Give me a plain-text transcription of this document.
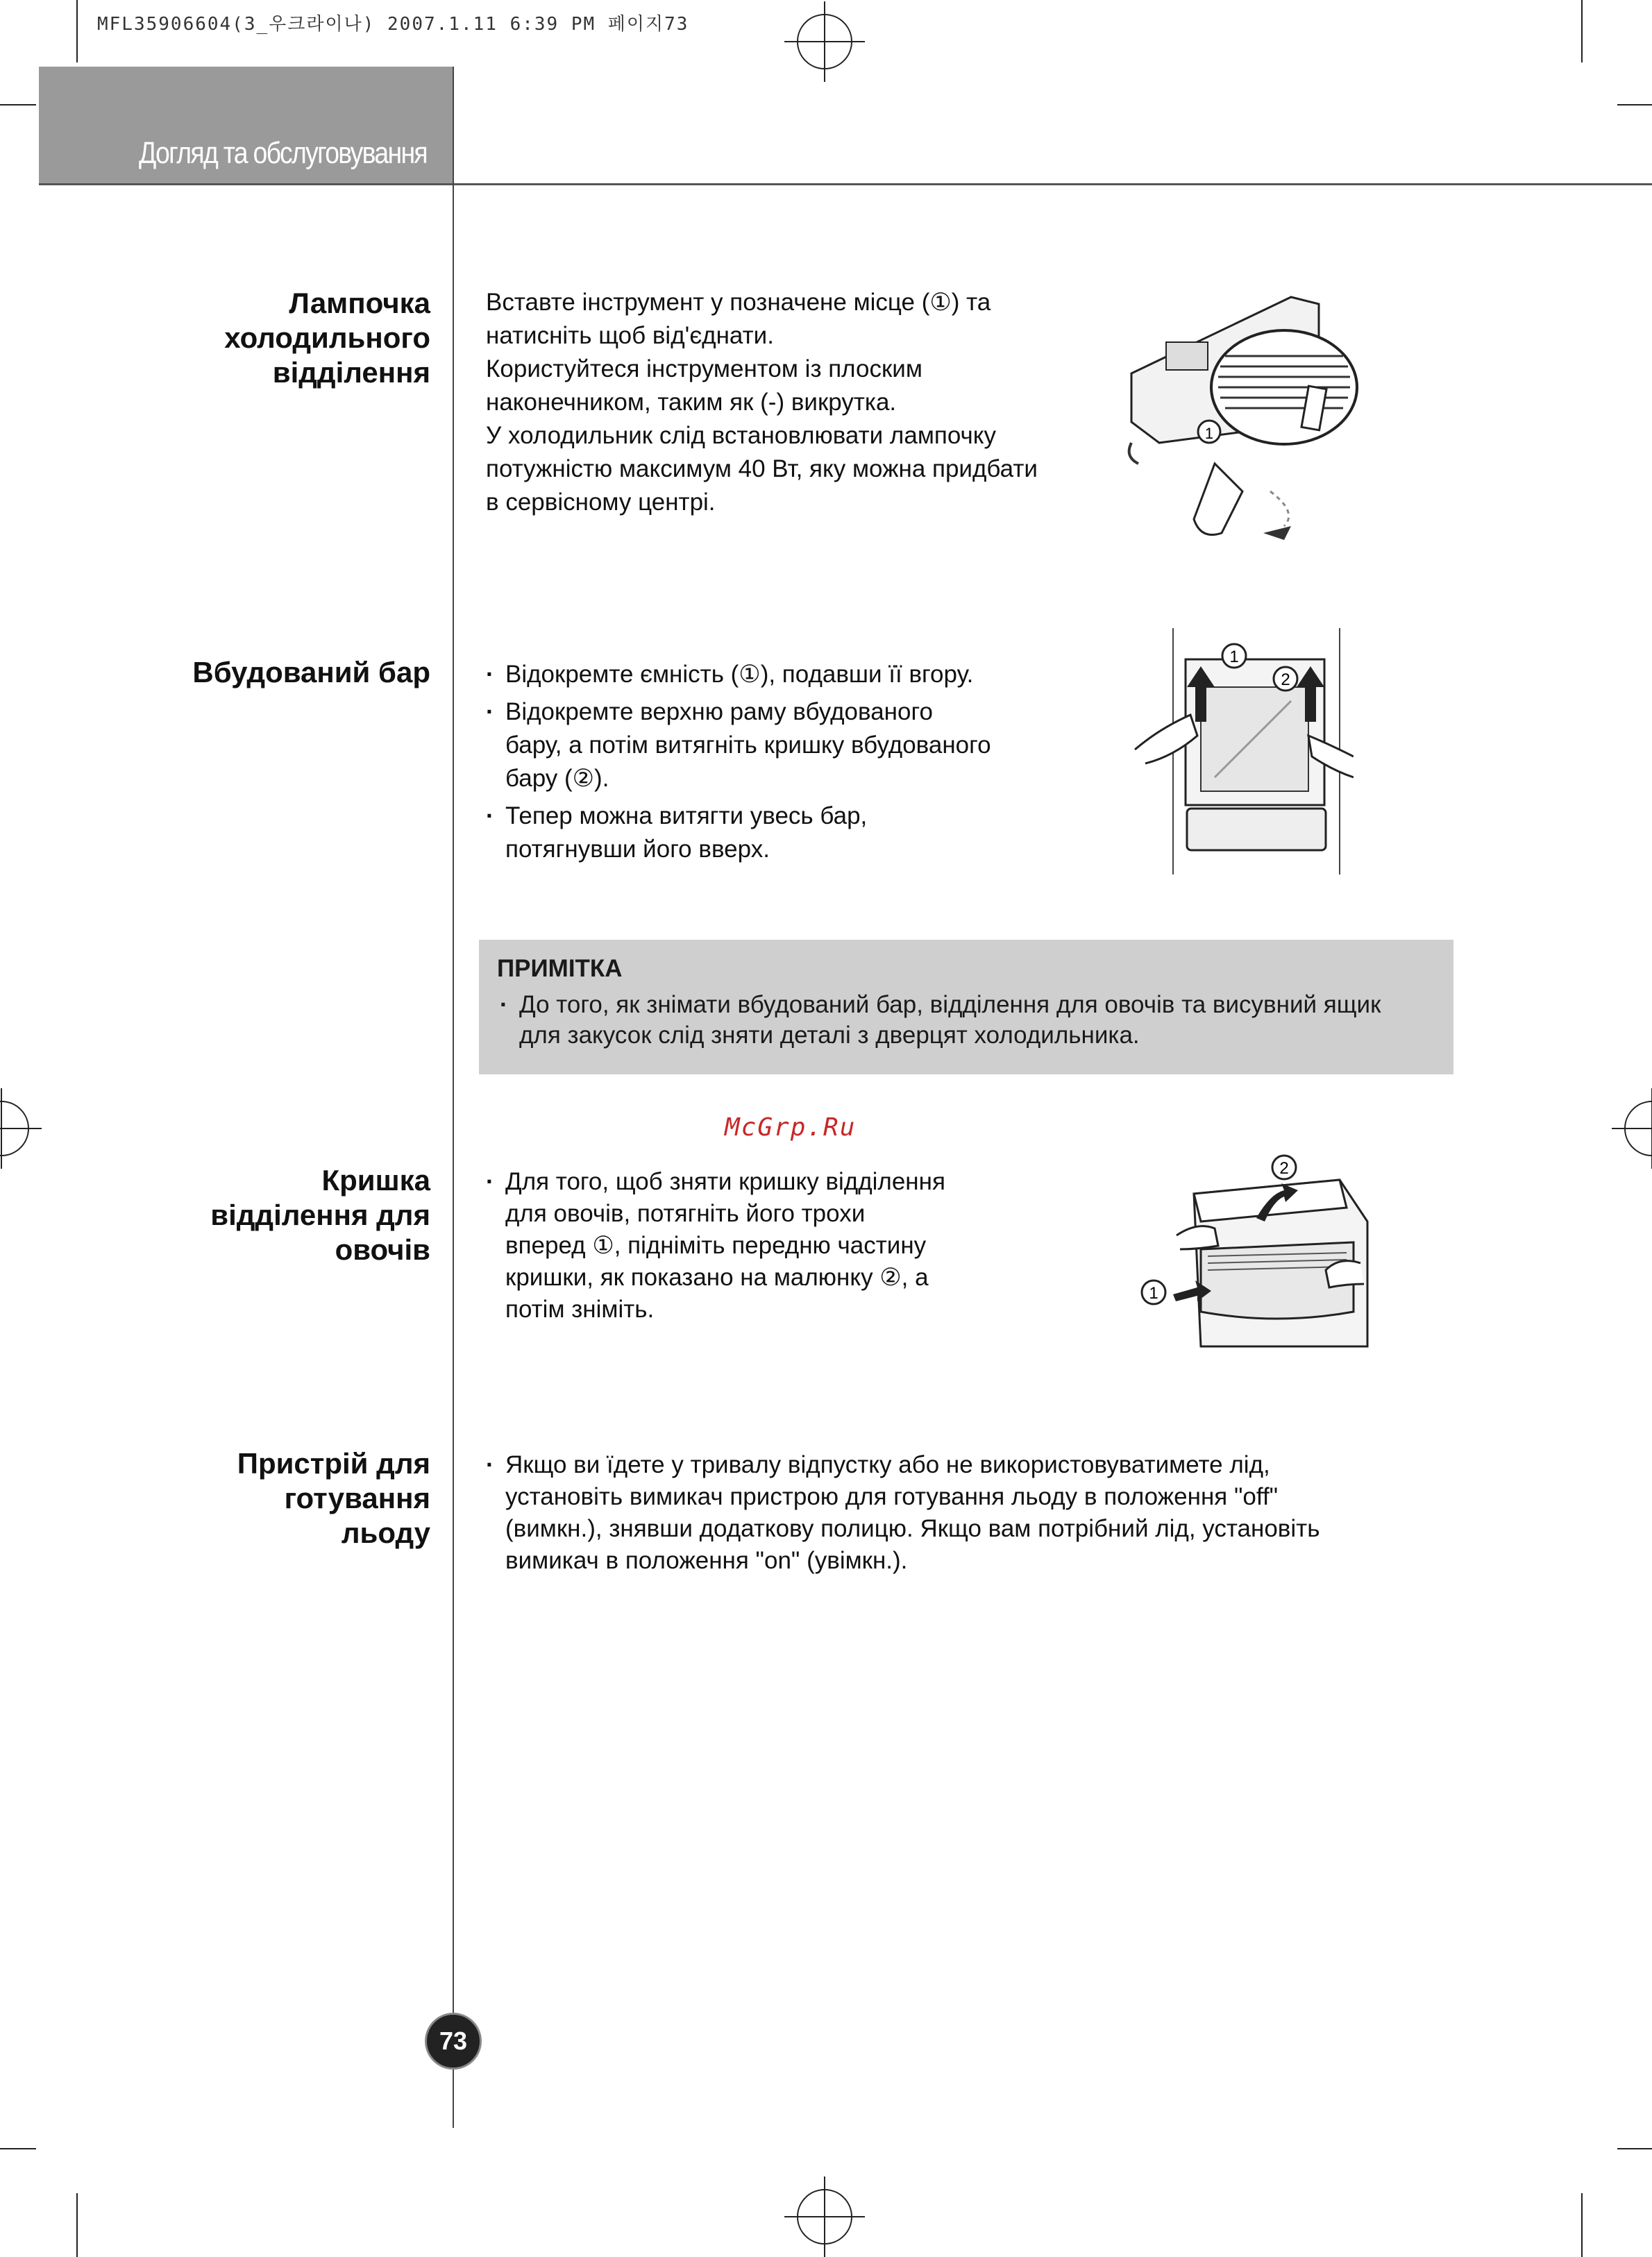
MFL35906604(3_우크라이나) 2007.1.11 6:39 PM 페이지73
Догляд та обслуговування
Лампочка
холодильного
відділення
Вставте інструмент у позначене місце (①) та
натисніть щоб від'єднати.
Користуйтеся інструментом із плоским
наконечником, таким як (-) викрутка.
У холодильник слід встановлювати лампочку
потужністю максимум 40 Вт, яку можна придбати
в сервісному центрі.
1
Вбудований бар
·	Відокремте ємність (①), подавши її вгору.
· Відокремте верхню раму вбудованого
бару, а потім витягніть кришку вбудованого
бару (②).
· Тепер можна витягти увесь бар,
потягнувши його вверх.
1
2
ПРИМІТКА
· До того, як знімати вбудований бар, відділення для овочів та висувний ящик
для закусок слід зняти деталі з дверцят холодильника.
McGrp.Ru
Кришка
відділення для
овочів
· Для того, щоб зняти кришку відділення
для овочів, потягніть його трохи
вперед ①, підніміть передню частину
кришки, як показано на малюнку ②, а
потім зніміть.
2
1
Пристрій для
готування
льоду
· Якщо ви їдете у тривалу відпустку або не використовуватимете лід,
установіть вимикач пристрою для готування льоду в положення "off"
(вимкн.), знявши додаткову полицю. Якщо вам потрібний лід, установіть
вимикач в положення "on" (увімкн.).
73
